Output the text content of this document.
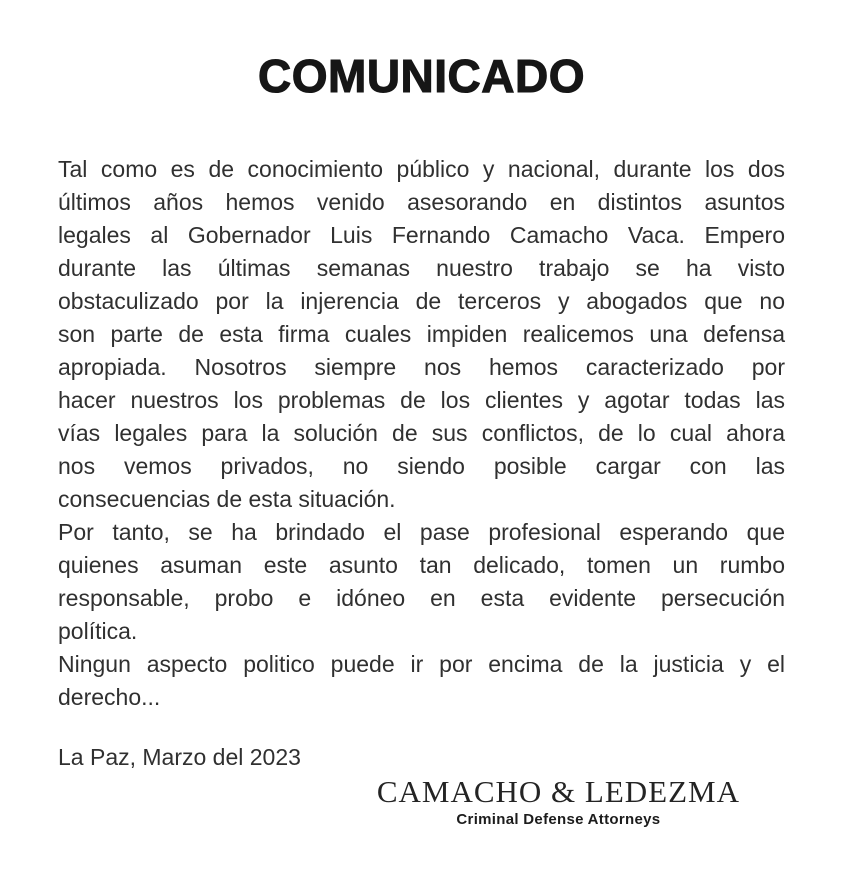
COMUNICADO
Tal como es de conocimiento público y nacional, durante los dos
últimos años hemos venido asesorando en distintos asuntos
legales al Gobernador Luis Fernando Camacho Vaca. Empero
durante las últimas semanas nuestro trabajo se ha visto
obstaculizado por la injerencia de terceros y abogados que no
son parte de esta firma cuales impiden realicemos una defensa
apropiada. Nosotros siempre nos hemos caracterizado por
hacer nuestros los problemas de los clientes y agotar todas las
vías legales para la solución de sus conflictos, de lo cual ahora
nos vemos privados, no siendo posible cargar con las
consecuencias de esta situación.
Por tanto, se ha brindado el pase profesional esperando que
quienes asuman este asunto tan delicado, tomen un rumbo
responsable, probo e idóneo en esta evidente persecución
política.
Ningun aspecto politico puede ir por encima de la justicia y el
derecho...
La Paz, Marzo del 2023
CAMACHO & LEDEZMA
Criminal Defense Attorneys
